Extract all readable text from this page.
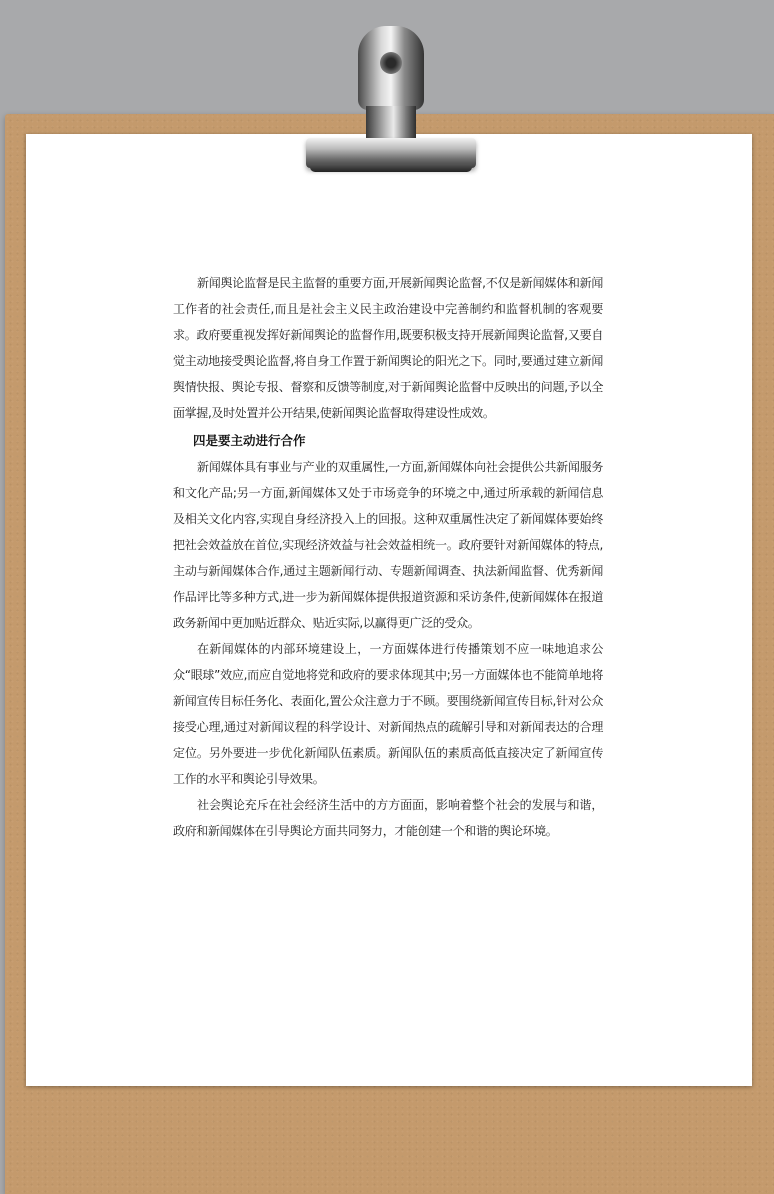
新闻舆论监督是民主监督的重要方面,开展新闻舆论监督,不仅是新闻媒体和新闻工作者的社会责任,而且是社会主义民主政治建设中完善制约和监督机制的客观要求。政府要重视发挥好新闻舆论的监督作用,既要积极支持开展新闻舆论监督,又要自觉主动地接受舆论监督,将自身工作置于新闻舆论的阳光之下。同时,要通过建立新闻舆情快报、舆论专报、督察和反馈等制度,对于新闻舆论监督中反映出的问题,予以全面掌握,及时处置并公开结果,使新闻舆论监督取得建设性成效。

四是要主动进行合作

新闻媒体具有事业与产业的双重属性,一方面,新闻媒体向社会提供公共新闻服务和文化产品;另一方面,新闻媒体又处于市场竞争的环境之中,通过所承载的新闻信息及相关文化内容,实现自身经济投入上的回报。这种双重属性决定了新闻媒体要始终把社会效益放在首位,实现经济效益与社会效益相统一。政府要针对新闻媒体的特点,主动与新闻媒体合作,通过主题新闻行动、专题新闻调查、执法新闻监督、优秀新闻作品评比等多种方式,进一步为新闻媒体提供报道资源和采访条件,使新闻媒体在报道政务新闻中更加贴近群众、贴近实际,以赢得更广泛的受众。

在新闻媒体的内部环境建设上，一方面媒体进行传播策划不应一味地追求公众“眼球”效应,而应自觉地将党和政府的要求体现其中;另一方面媒体也不能简单地将新闻宣传目标任务化、表面化,置公众注意力于不顾。要围绕新闻宣传目标,针对公众接受心理,通过对新闻议程的科学设计、对新闻热点的疏解引导和对新闻表达的合理定位。另外要进一步优化新闻队伍素质。新闻队伍的素质高低直接决定了新闻宣传工作的水平和舆论引导效果。

社会舆论充斥在社会经济生活中的方方面面，影响着整个社会的发展与和谐，政府和新闻媒体在引导舆论方面共同努力，才能创建一个和谐的舆论环境。
